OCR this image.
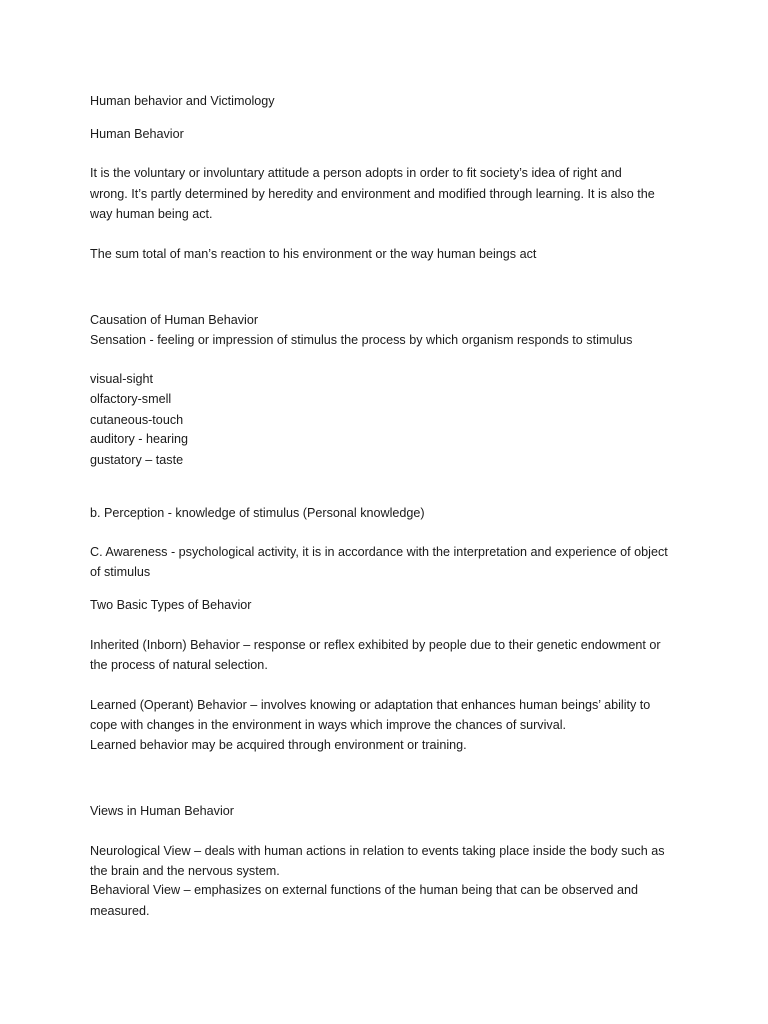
Human behavior and Victimology

Human Behavior

It is the voluntary or involuntary attitude a person adopts in order to fit society’s idea of right and

wrong. It’s partly determined by heredity and environment and modified through learning. It is also the

way human being act.

The sum total of man’s reaction to his environment or the way human beings act

Causation of Human Behavior

Sensation - feeling or impression of stimulus the process by which organism responds to stimulus

visual-sight

olfactory-smell

cutaneous-touch

auditory - hearing

gustatory – taste

b. Perception - knowledge of stimulus (Personal knowledge)

C. Awareness - psychological activity, it is in accordance with the interpretation and experience of object

of stimulus

Two Basic Types of Behavior

Inherited (Inborn) Behavior – response or reflex exhibited by people due to their genetic endowment or

the process of natural selection.

Learned (Operant) Behavior – involves knowing or adaptation that enhances human beings’ ability to

cope with changes in the environment in ways which improve the chances of survival.

Learned behavior may be acquired through environment or training.

Views in Human Behavior

Neurological View – deals with human actions in relation to events taking place inside the body such as

the brain and the nervous system.

Behavioral View – emphasizes on external functions of the human being that can be observed and

measured.
